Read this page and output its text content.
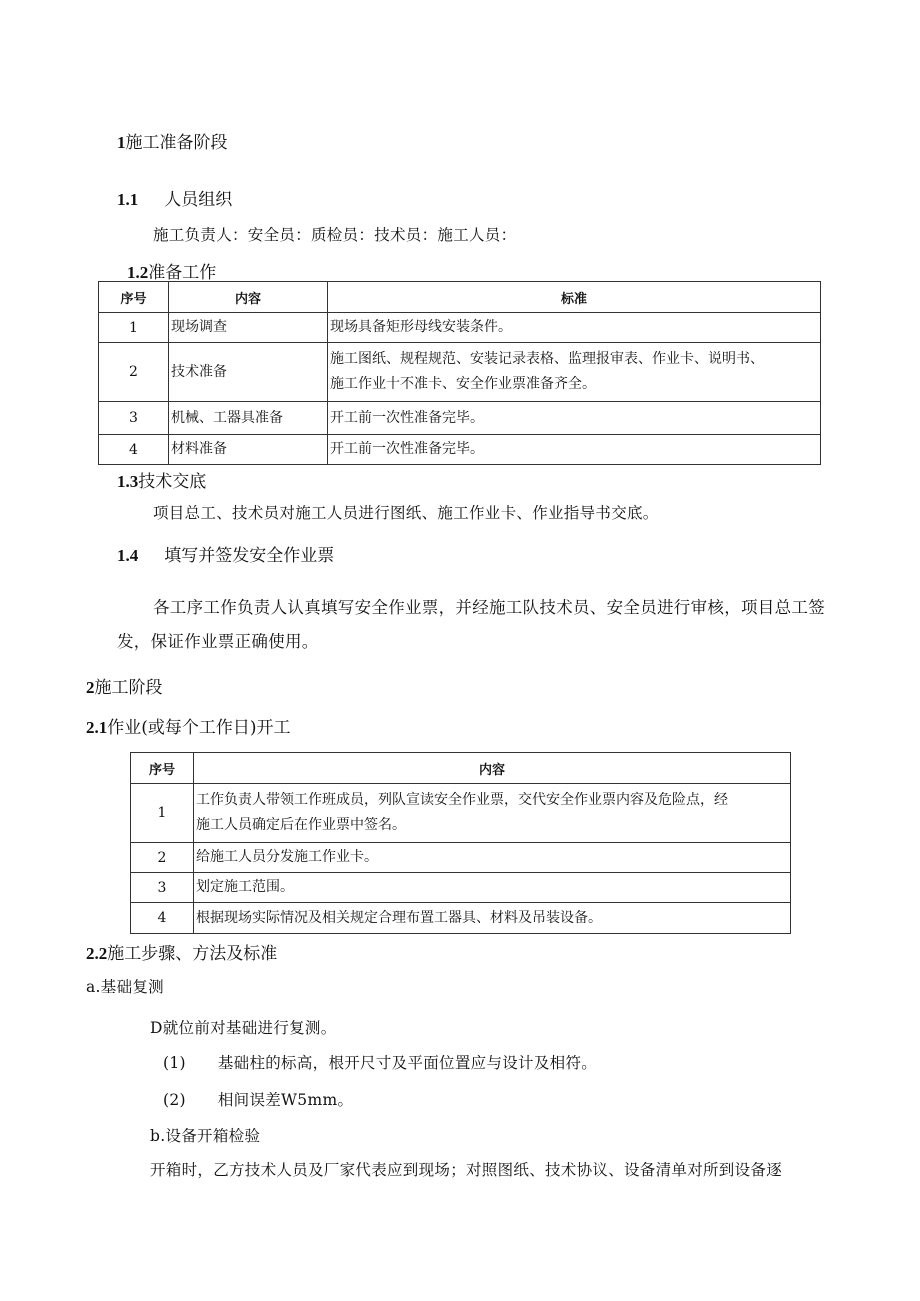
1施工准备阶段
1.1 人员组织
施工负责人：安全员：质检员：技术员：施工人员：
1.2准备工作
序号	内容	标准
1	现场调查	现场具备矩形母线安装条件。
2	技术准备	施工图纸、规程规范、安装记录表格、监理报审表、作业卡、说明书、
施工作业十不准卡、安全作业票准备齐全。

3	机械、工器具准备	开工前一次性准备完毕。
4	材料准备	开工前一次性准备完毕。
1.3技术交底
项目总工、技术员对施工人员进行图纸、施工作业卡、作业指导书交底。
1.4 填写并签发安全作业票
各工序工作负责人认真填写安全作业票，并经施工队技术员、安全员进行审核，项目总工签
发，保证作业票正确使用。
2施工阶段
2.1作业(或每个工作日)开工
序号	内容
1	工作负责人带领工作班成员，列队宣读安全作业票，交代安全作业票内容及危险点，经
施工人员确定后在作业票中签名。

2	给施工人员分发施工作业卡。
3	划定施工范围。
4	根据现场实际情况及相关规定合理布置工器具、材料及吊装设备。
2.2施工步骤、方法及标准
a.基础复测
D就位前对基础进行复测。
(1) 基础柱的标高，根开尺寸及平面位置应与设计及相符。
(2) 相间误差W5mm。
b.设备开箱检验
开箱时，乙方技术人员及厂家代表应到现场；对照图纸、技术协议、设备清单对所到设备逐
